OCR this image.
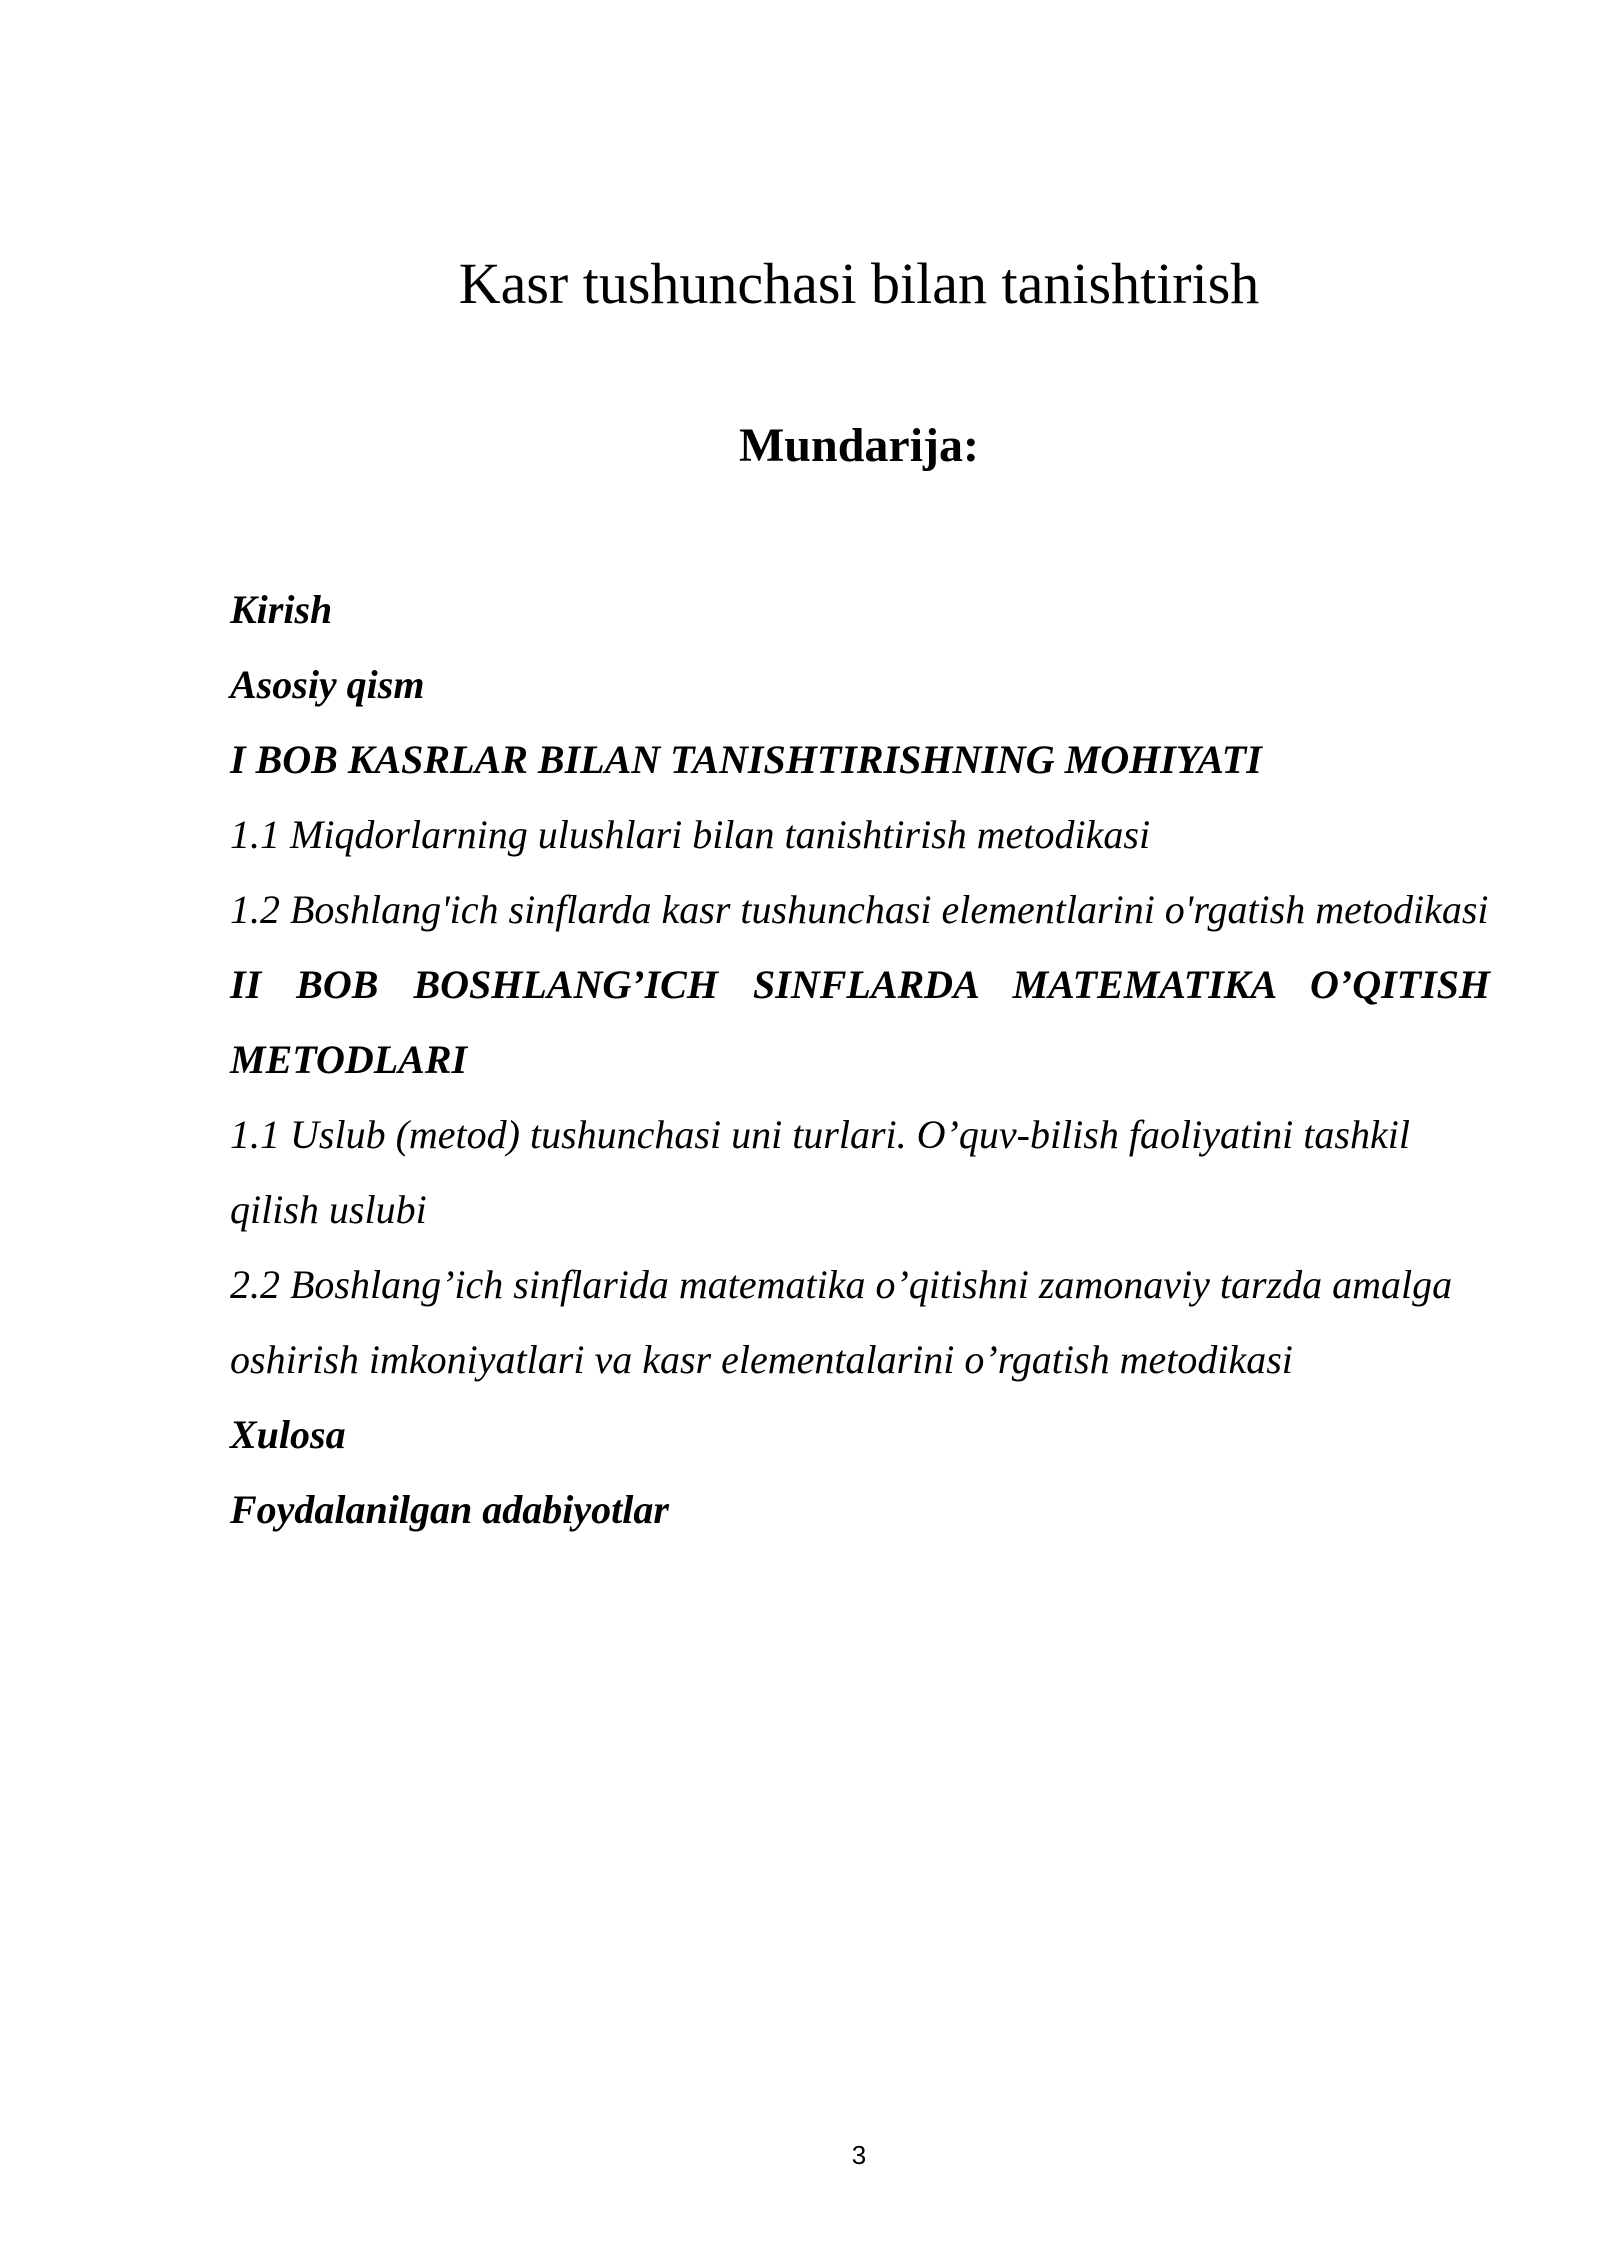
Kasr tushunchasi bilan tanishtirish
Mundarija:
Kirish
Asosiy qism
I BOB KASRLAR BILAN TANISHTIRISHNING MOHIYATI
1.1 Miqdorlarning ulushlari bilan tanishtirish metodikasi
1.2 Boshlang'ich sinflarda kasr tushunchasi elementlarini o'rgatish metodikasi
II BOB BOSHLANG’ICH SINFLARDA MATEMATIKA O’QITISH METODLARI
1.1 Uslub (metod) tushunchasi uni turlari. O’quv-bilish faoliyatini tashkil qilish uslubi
2.2 Boshlang’ich sinflarida matematika o’qitishni zamonaviy tarzda amalga oshirish imkoniyatlari va kasr elementalarini o’rgatish metodikasi
Xulosa
Foydalanilgan adabiyotlar
3
